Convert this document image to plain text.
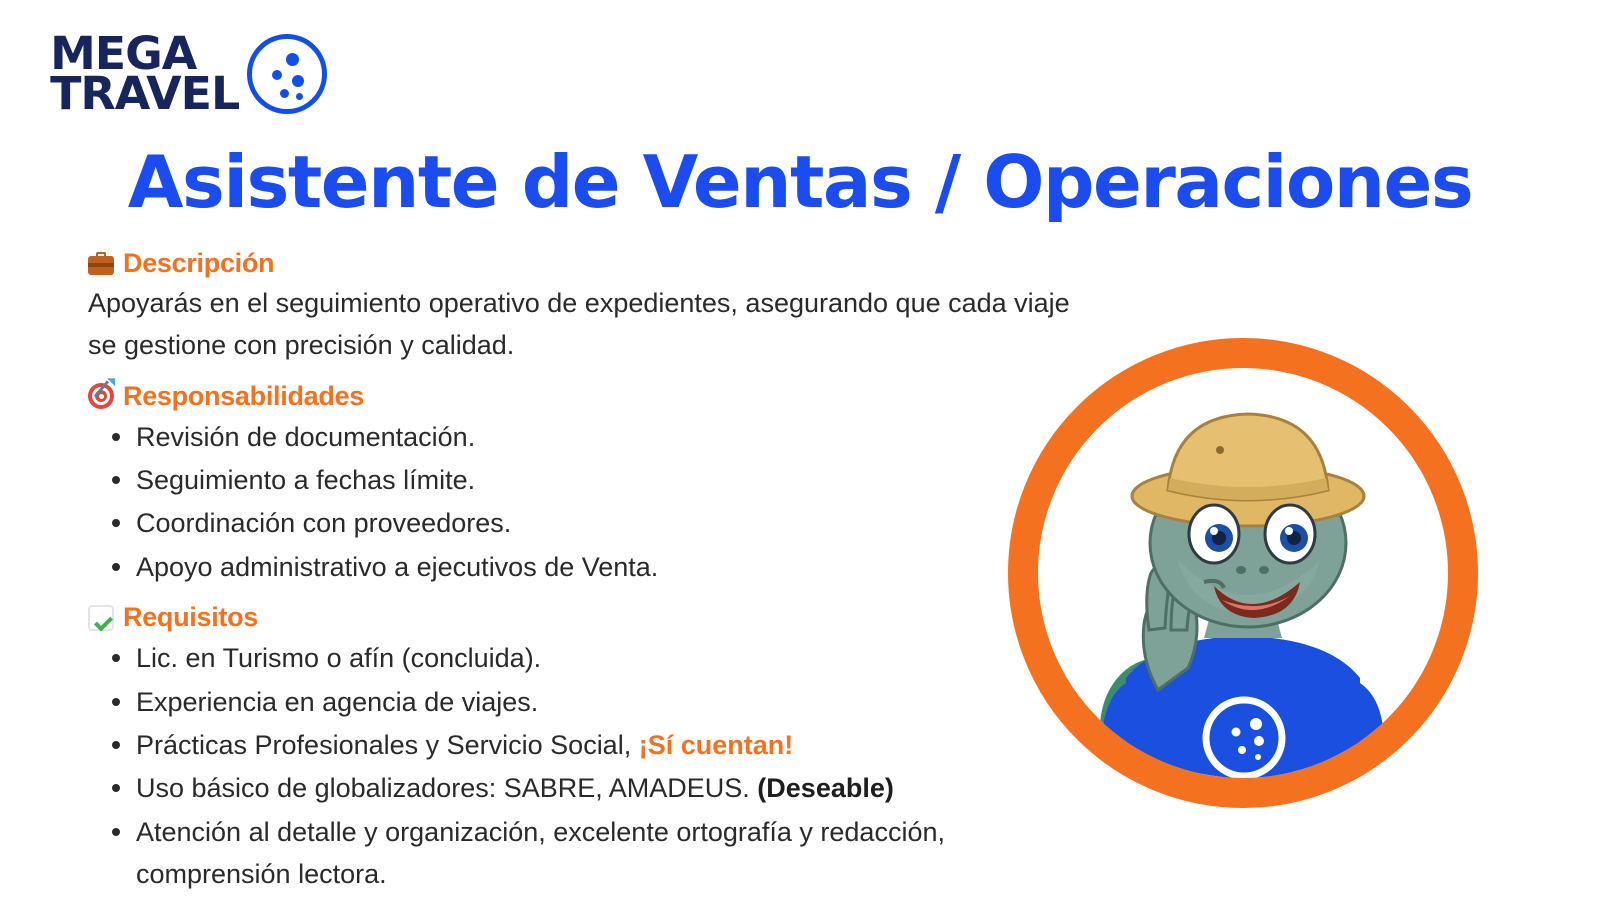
MEGA
TRAVEL
Asistente de Ventas / Operaciones
Descripción

Apoyarás en el seguimiento operativo de expedientes, asegurando que cada viaje se gestione con precisión y calidad.

Responsabilidades
Revisión de documentación.
Seguimiento a fechas límite.
Coordinación con proveedores.
Apoyo administrativo a ejecutivos de Venta.
Requisitos
Lic. en Turismo o afín (concluida).
Experiencia en agencia de viajes.
Prácticas Profesionales y Servicio Social, ¡Sí cuentan!
Uso básico de globalizadores: SABRE, AMADEUS. (Deseable)
Atención al detalle y organización, excelente ortografía y redacción, comprensión lectora.
